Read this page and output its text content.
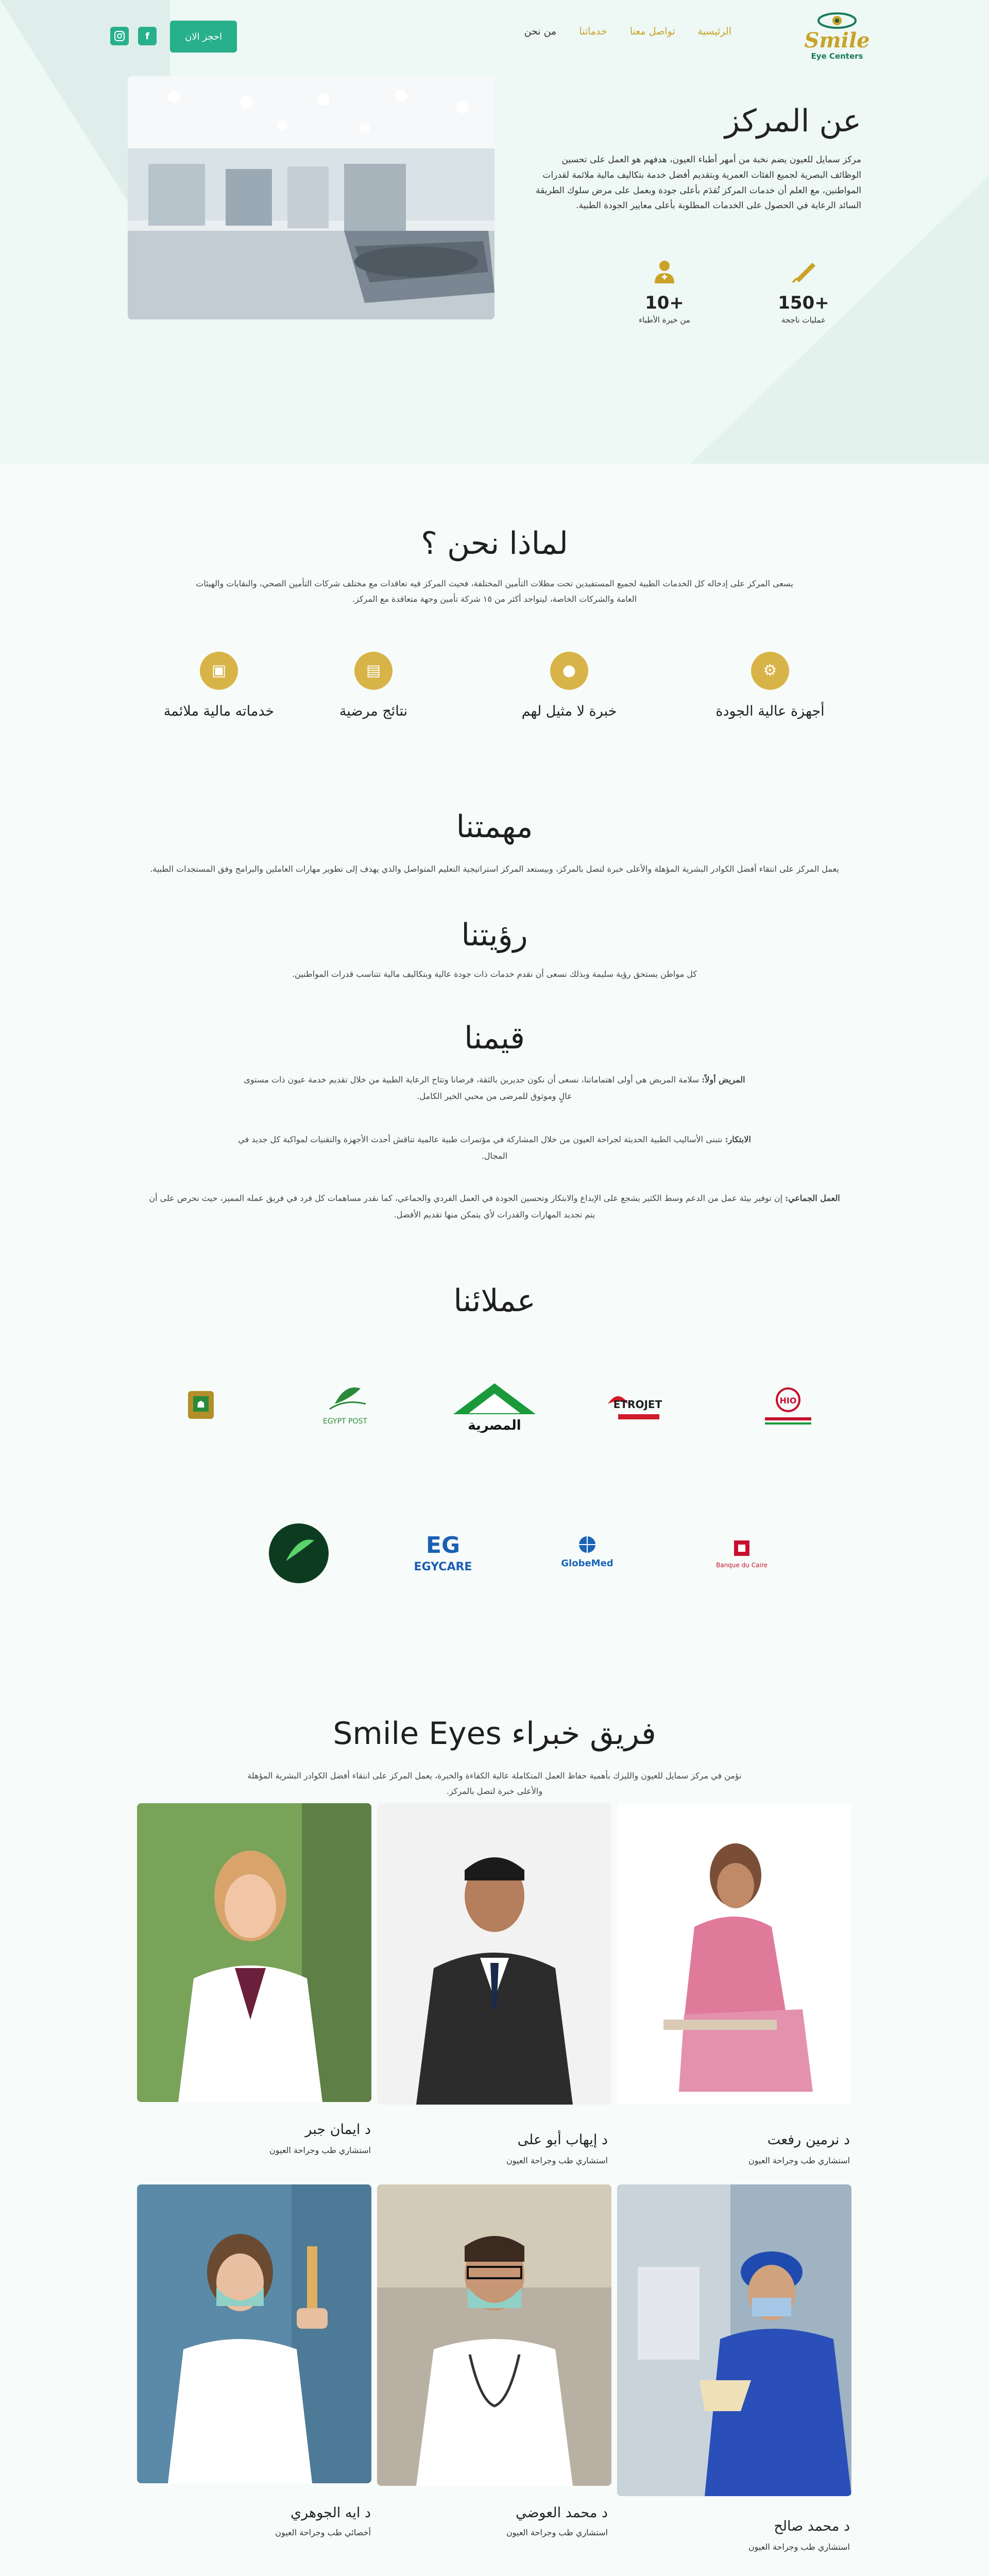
Smile
Eye Centers
الرئيسية
تواصل معنا
خدماتنا
من نحن
احجز الان
f
عن المركز
مركز سمايل للعيون يضم نخبة من أمهر أطباء العيون، هدفهم هو العمل على تحسين الوظائف البصرية لجميع الفئات العمرية وبتقديم أفضل خدمة بتكاليف مالية ملائمة لقدرات المواطنين، مع العلم أن خدمات المركز تُقدَم بأعلى جودة وبعمل على مرض سلوك الطريقة السائد الرعاية في الحصول على الخدمات المطلوبة بأعلى معايير الجودة الطبية.
+150
عمليات ناجحة
+10
من خيرة الأطباء
لماذا نحن ؟
يسعى المركز على إدخاله كل الخدمات الطبية لجميع المستفيدين تحت مظلات التأمين المختلفة، فحيث المركز فيه تعاقدات مع مختلف شركات التأمين الصحي، والنقابات والهيئات العامة والشركات الخاصة، ليتواجد أكثر من ١٥ شركة تأمين وجهة متعاقدة مع المركز.
⚙
أجهزة عالية الجودة
●
خبرة لا مثيل لهم
▤
نتائج مرضية
▣
خدماته مالية ملائمة
مهمتنا
يعمل المركز على انتقاء أفضل الكوادر البشرية المؤهلة والأعلى خبرة لتصل بالمركز، وبيستعد المركز استراتيجية التعليم المتواصل والذي يهدف إلى تطوير مهارات العاملين والبرامج وفق المستجدات الطبية.
رؤيتنا
كل مواطن يستحق رؤية سليمة وبذلك نسعى أن نقدم خدمات ذات جودة عالية وبتكاليف مالية تتناسب قدرات المواطنين.
قيمنا
المريض أولاً: سلامة المريض هي أولى اهتماماتنا، نسعى أن نكون جديرين بالثقة، فرضانا وتتاح الرعاية الطبية من خلال تقديم خدمة عيون ذات مستوى عالٍ وموثوق للمرضى من محبي الخير الكامل.
الابتكار: نتبنى الأساليب الطبية الحديثة لجراحة العيون من خلال المشاركة في مؤتمرات طبية عالمية تناقش أحدث الأجهزة والتقنيات لمواكبة كل جديد في المجال.
العمل الجماعي: إن توفير بيئة عمل من الدعم وسط الكثير يشجع على الإبداع والابتكار وتحسين الجودة في العمل الفردي والجماعي، كما نقدر مساهمات كل فرد في فريق عمله المميز، حيث نحرص على أن يتم تجديد المهارات والقدرات لأي يتمكن منها تقديم الأفضل.
عملائنا
HIO
ETROJET
المصرية
EGYPT POST
☗
Banque du Caire
GlobeMed
EG
EGYCARE
فريق خبراء Smile Eyes
نؤمن في مركز سمايل للعيون والليزك بأهمية حفاظ العمل المتكاملة عالية الكفاءة والخبرة، يعمل المركز على انتقاء أفضل الكوادر البشرية المؤهلة والأعلى خبرة لتصل بالمركز.
د نرمين رفعت
استشاري طب وجراحة العيون
د إيهاب أبو على
استشاري طب وجراحة العيون
د ايمان جبر
استشاري طب وجراحة العيون
د محمد صالح
استشاري طب وجراحة العيون
د محمد العوضي
استشاري طب وجراحة العيون
د ايه الجوهري
أخصائي طب وجراحة العيون
